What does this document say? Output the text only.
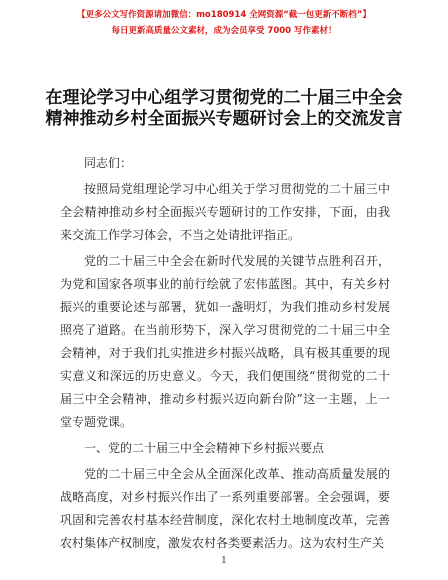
【更多公文写作资源请加微信：mo180914 全网资源“截一包更新不断档”】
每日更新高质量公文素材，成为会员享受 7000 写作素材！
在理论学习中心组学习贯彻党的二十届三中全会精神推动乡村全面振兴专题研讨会上的交流发言

同志们：

按照局党组理论学习中心组关于学习贯彻党的二十届三中全会精神推动乡村全面振兴专题研讨的工作安排，下面，由我来交流工作学习体会，不当之处请批评指正。

党的二十届三中全会在新时代发展的关键节点胜利召开，为党和国家各项事业的前行绘就了宏伟蓝图。其中，有关乡村振兴的重要论述与部署，犹如一盏明灯，为我们推动乡村发展照亮了道路。在当前形势下，深入学习贯彻党的二十届三中全会精神，对于我们扎实推进乡村振兴战略，具有极其重要的现实意义和深远的历史意义。今天，我们便围绕“贯彻党的二十届三中全会精神，推动乡村振兴迈向新台阶”这一主题，上一堂专题党课。

一、党的二十届三中全会精神下乡村振兴要点

党的二十届三中全会从全面深化改革、推动高质量发展的战略高度，对乡村振兴作出了一系列重要部署。全会强调，要巩固和完善农村基本经营制度，深化农村土地制度改革，完善农村集体产权制度，激发农村各类要素活力。这为农村生产关

1
